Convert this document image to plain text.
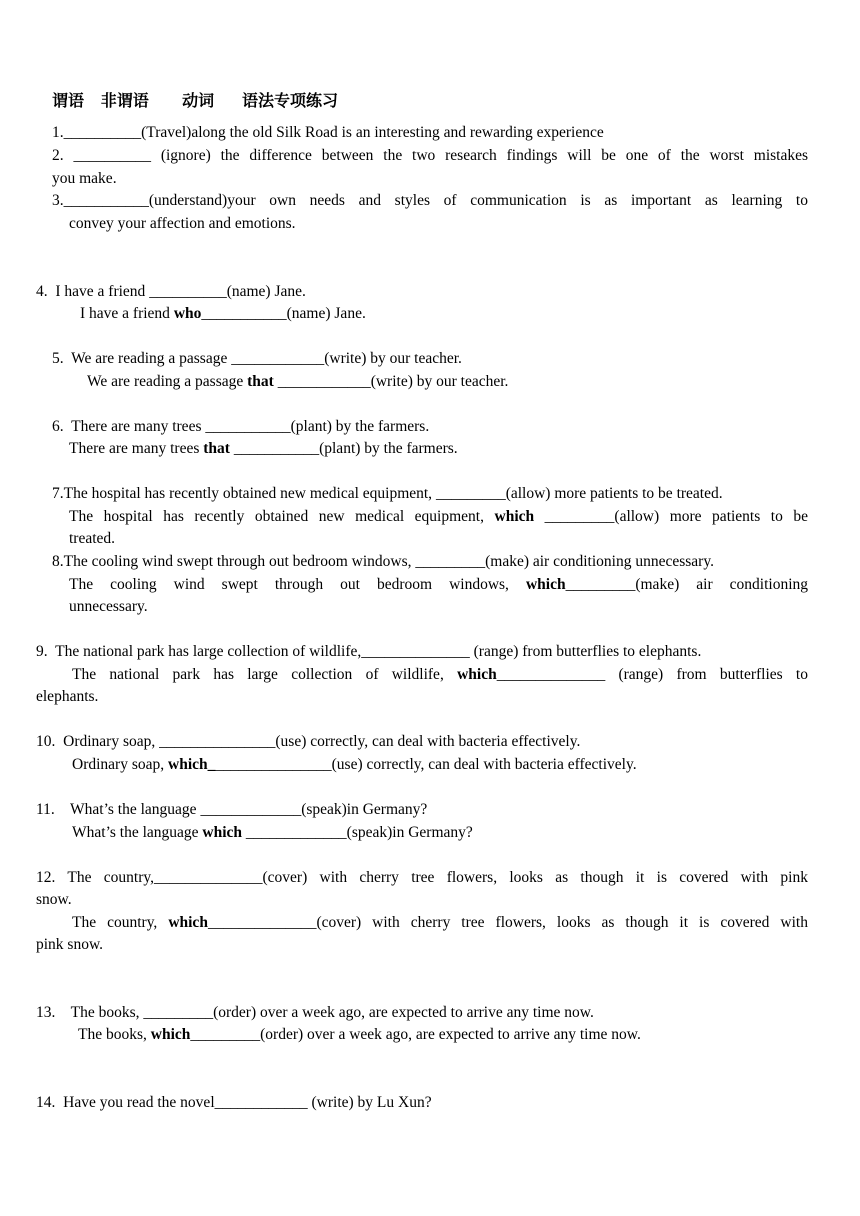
谓语   非谓语      动词     语法专项练习
1.__________(Travel)along the old Silk Road is an interesting and rewarding experience
2. __________ (ignore) the difference between the two research findings will be one of the worst mistakes
you make.
3.___________(understand)your own needs and styles of communication is as important as learning to
convey your affection and emotions.
4.  I have a friend __________(name) Jane.
I have a friend who___________(name) Jane.
5.  We are reading a passage ____________(write) by our teacher.
We are reading a passage that ____________(write) by our teacher.
6.  There are many trees ___________(plant) by the farmers.
There are many trees that ___________(plant) by the farmers.
7.The hospital has recently obtained new medical equipment, _________(allow) more patients to be treated.
The hospital has recently obtained new medical equipment, which _________(allow) more patients to be
treated.
8.The cooling wind swept through out bedroom windows, _________(make) air conditioning unnecessary.
The cooling wind swept through out bedroom windows, which_________(make) air conditioning
unnecessary.
9.  The national park has large collection of wildlife,______________ (range) from butterflies to elephants.
The national park has large collection of wildlife, which______________ (range) from butterflies to
elephants.
10.  Ordinary soap, _______________(use) correctly, can deal with bacteria effectively.
Ordinary soap, which________________(use) correctly, can deal with bacteria effectively.
11.    What’s the language _____________(speak)in Germany?
What’s the language which _____________(speak)in Germany?
12. The country,______________(cover) with cherry tree flowers, looks as though it is covered with pink
snow.
The country, which______________(cover) with cherry tree flowers, looks as though it is covered with
pink snow.
13.    The books, _________(order) over a week ago, are expected to arrive any time now.
The books, which_________(order) over a week ago, are expected to arrive any time now.
14.  Have you read the novel____________ (write) by Lu Xun?
